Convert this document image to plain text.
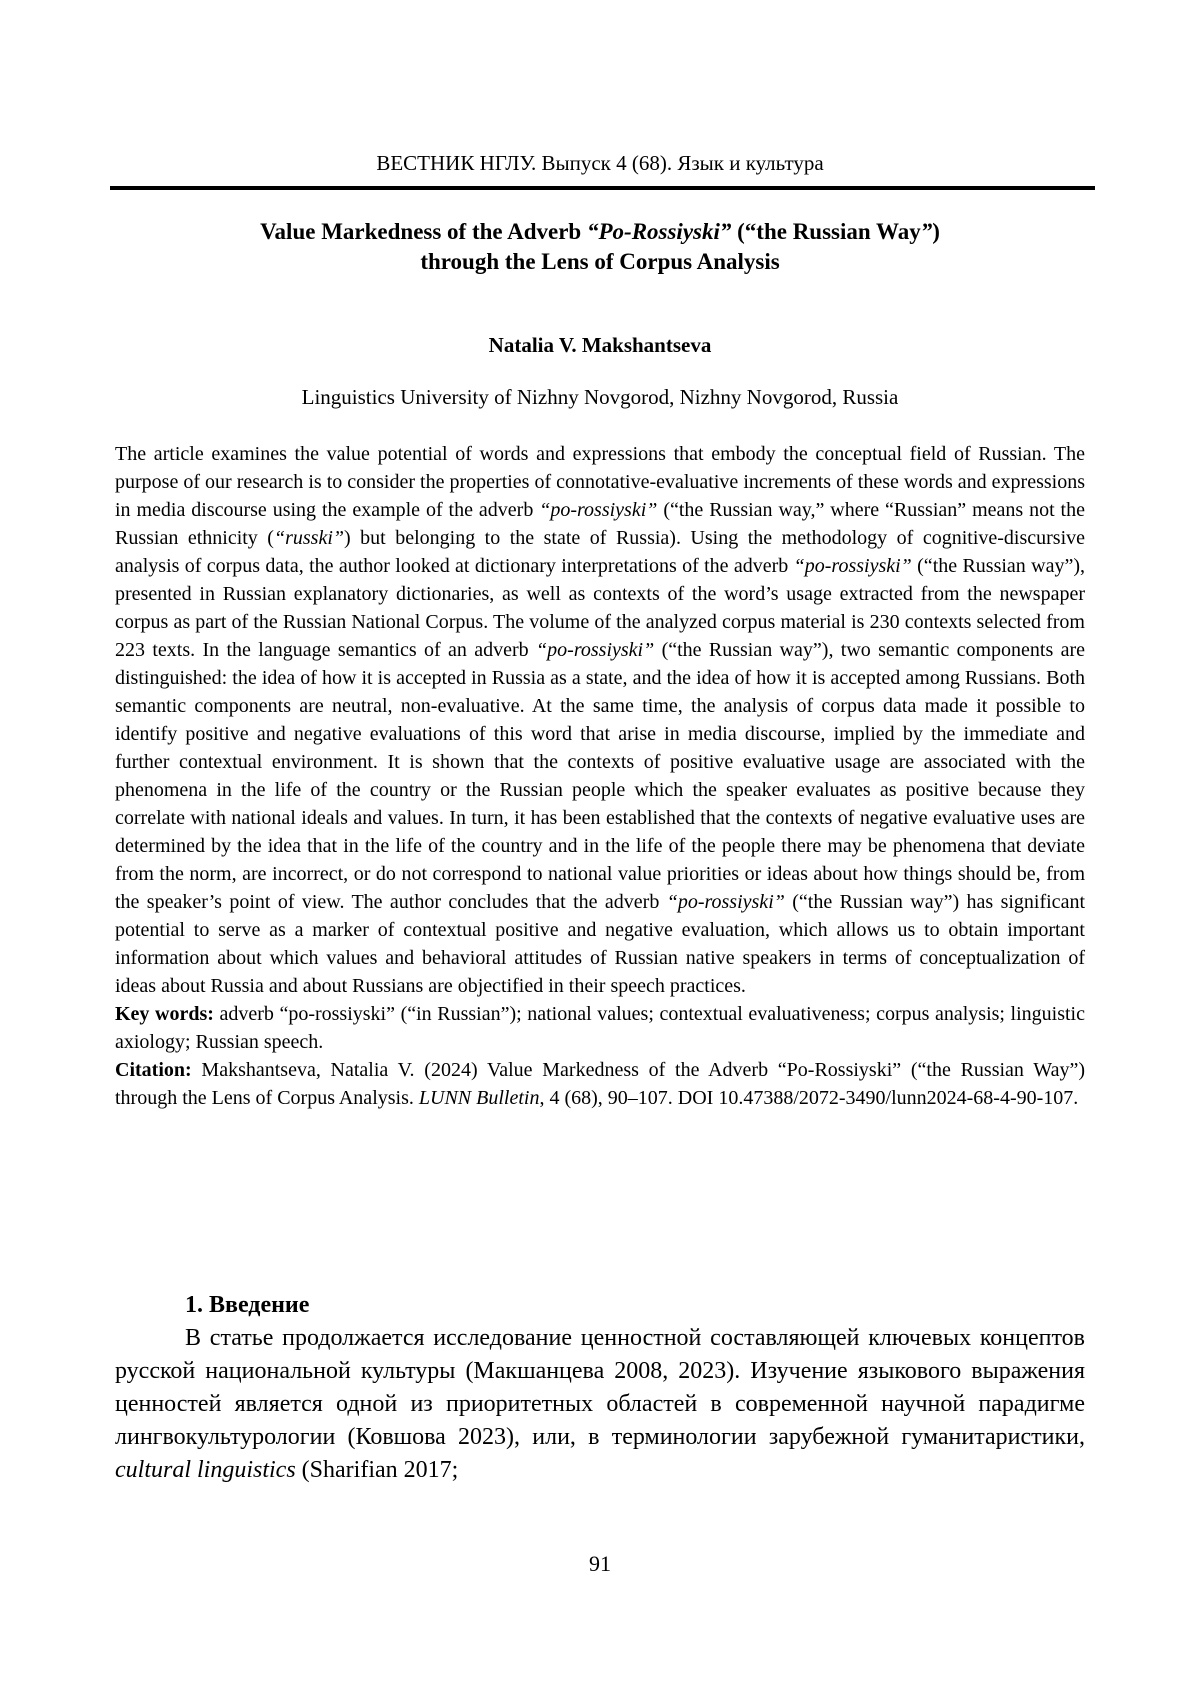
ВЕСТНИК НГЛУ. Выпуск 4 (68). Язык и культура
Value Markedness of the Adverb “Po-Rossiyski” (“the Russian Way”)
through the Lens of Corpus Analysis
Natalia V. Makshantseva
Linguistics University of Nizhny Novgorod, Nizhny Novgorod, Russia

The article examines the value potential of words and expressions that embody the conceptual field of Russian. The purpose of our research is to consider the properties of connotative-evaluative increments of these words and expressions in media discourse using the example of the adverb “po-rossiyski” (“the Russian way,” where “Russian” means not the Russian ethnicity (“russki”) but belonging to the state of Russia). Using the methodology of cognitive-discursive analysis of corpus data, the author looked at dictionary interpretations of the adverb “po-rossiyski” (“the Russian way”), presented in Russian explanatory dictionaries, as well as contexts of the word’s usage extracted from the newspaper corpus as part of the Russian National Corpus. The volume of the analyzed corpus material is 230 contexts selected from 223 texts. In the language semantics of an adverb “po-rossiyski” (“the Russian way”), two semantic components are distinguished: the idea of how it is accepted in Russia as a state, and the idea of how it is accepted among Russians. Both semantic components are neutral, non-evaluative. At the same time, the analysis of corpus data made it possible to identify positive and negative evaluations of this word that arise in media discourse, implied by the immediate and further contextual environment. It is shown that the contexts of positive evaluative usage are associated with the phenomena in the life of the country or the Russian people which the speaker evaluates as positive because they correlate with national ideals and values. In turn, it has been established that the contexts of negative evaluative uses are determined by the idea that in the life of the country and in the life of the people there may be phenomena that deviate from the norm, are incorrect, or do not correspond to national value priorities or ideas about how things should be, from the speaker’s point of view. The author concludes that the adverb “po-rossiyski” (“the Russian way”) has significant potential to serve as a marker of contextual positive and negative evaluation, which allows us to obtain important information about which values and behavioral attitudes of Russian native speakers in terms of conceptualization of ideas about Russia and about Russians are objectified in their speech practices.

Key words: adverb “po-rossiyski” (“in Russian”); national values; contextual evaluativeness; corpus analysis; linguistic axiology; Russian speech.

Citation: Makshantseva, Natalia V. (2024) Value Markedness of the Adverb “Po-Rossiyski” (“the Russian Way”) through the Lens of Corpus Analysis. LUNN Bulletin, 4 (68), 90–107. DOI 10.47388/2072-3490/lunn2024-68-4-90-107.

1. Введение

В статье продолжается исследование ценностной составляющей ключевых концептов русской национальной культуры (Макшанцева 2008, 2023). Изучение языкового выражения ценностей является одной из приоритетных областей в современной научной парадигме лингвокультурологии (Ковшова 2023), или, в терминологии зарубежной гуманитаристики, cultural linguistics (Sharifian 2017;

91
